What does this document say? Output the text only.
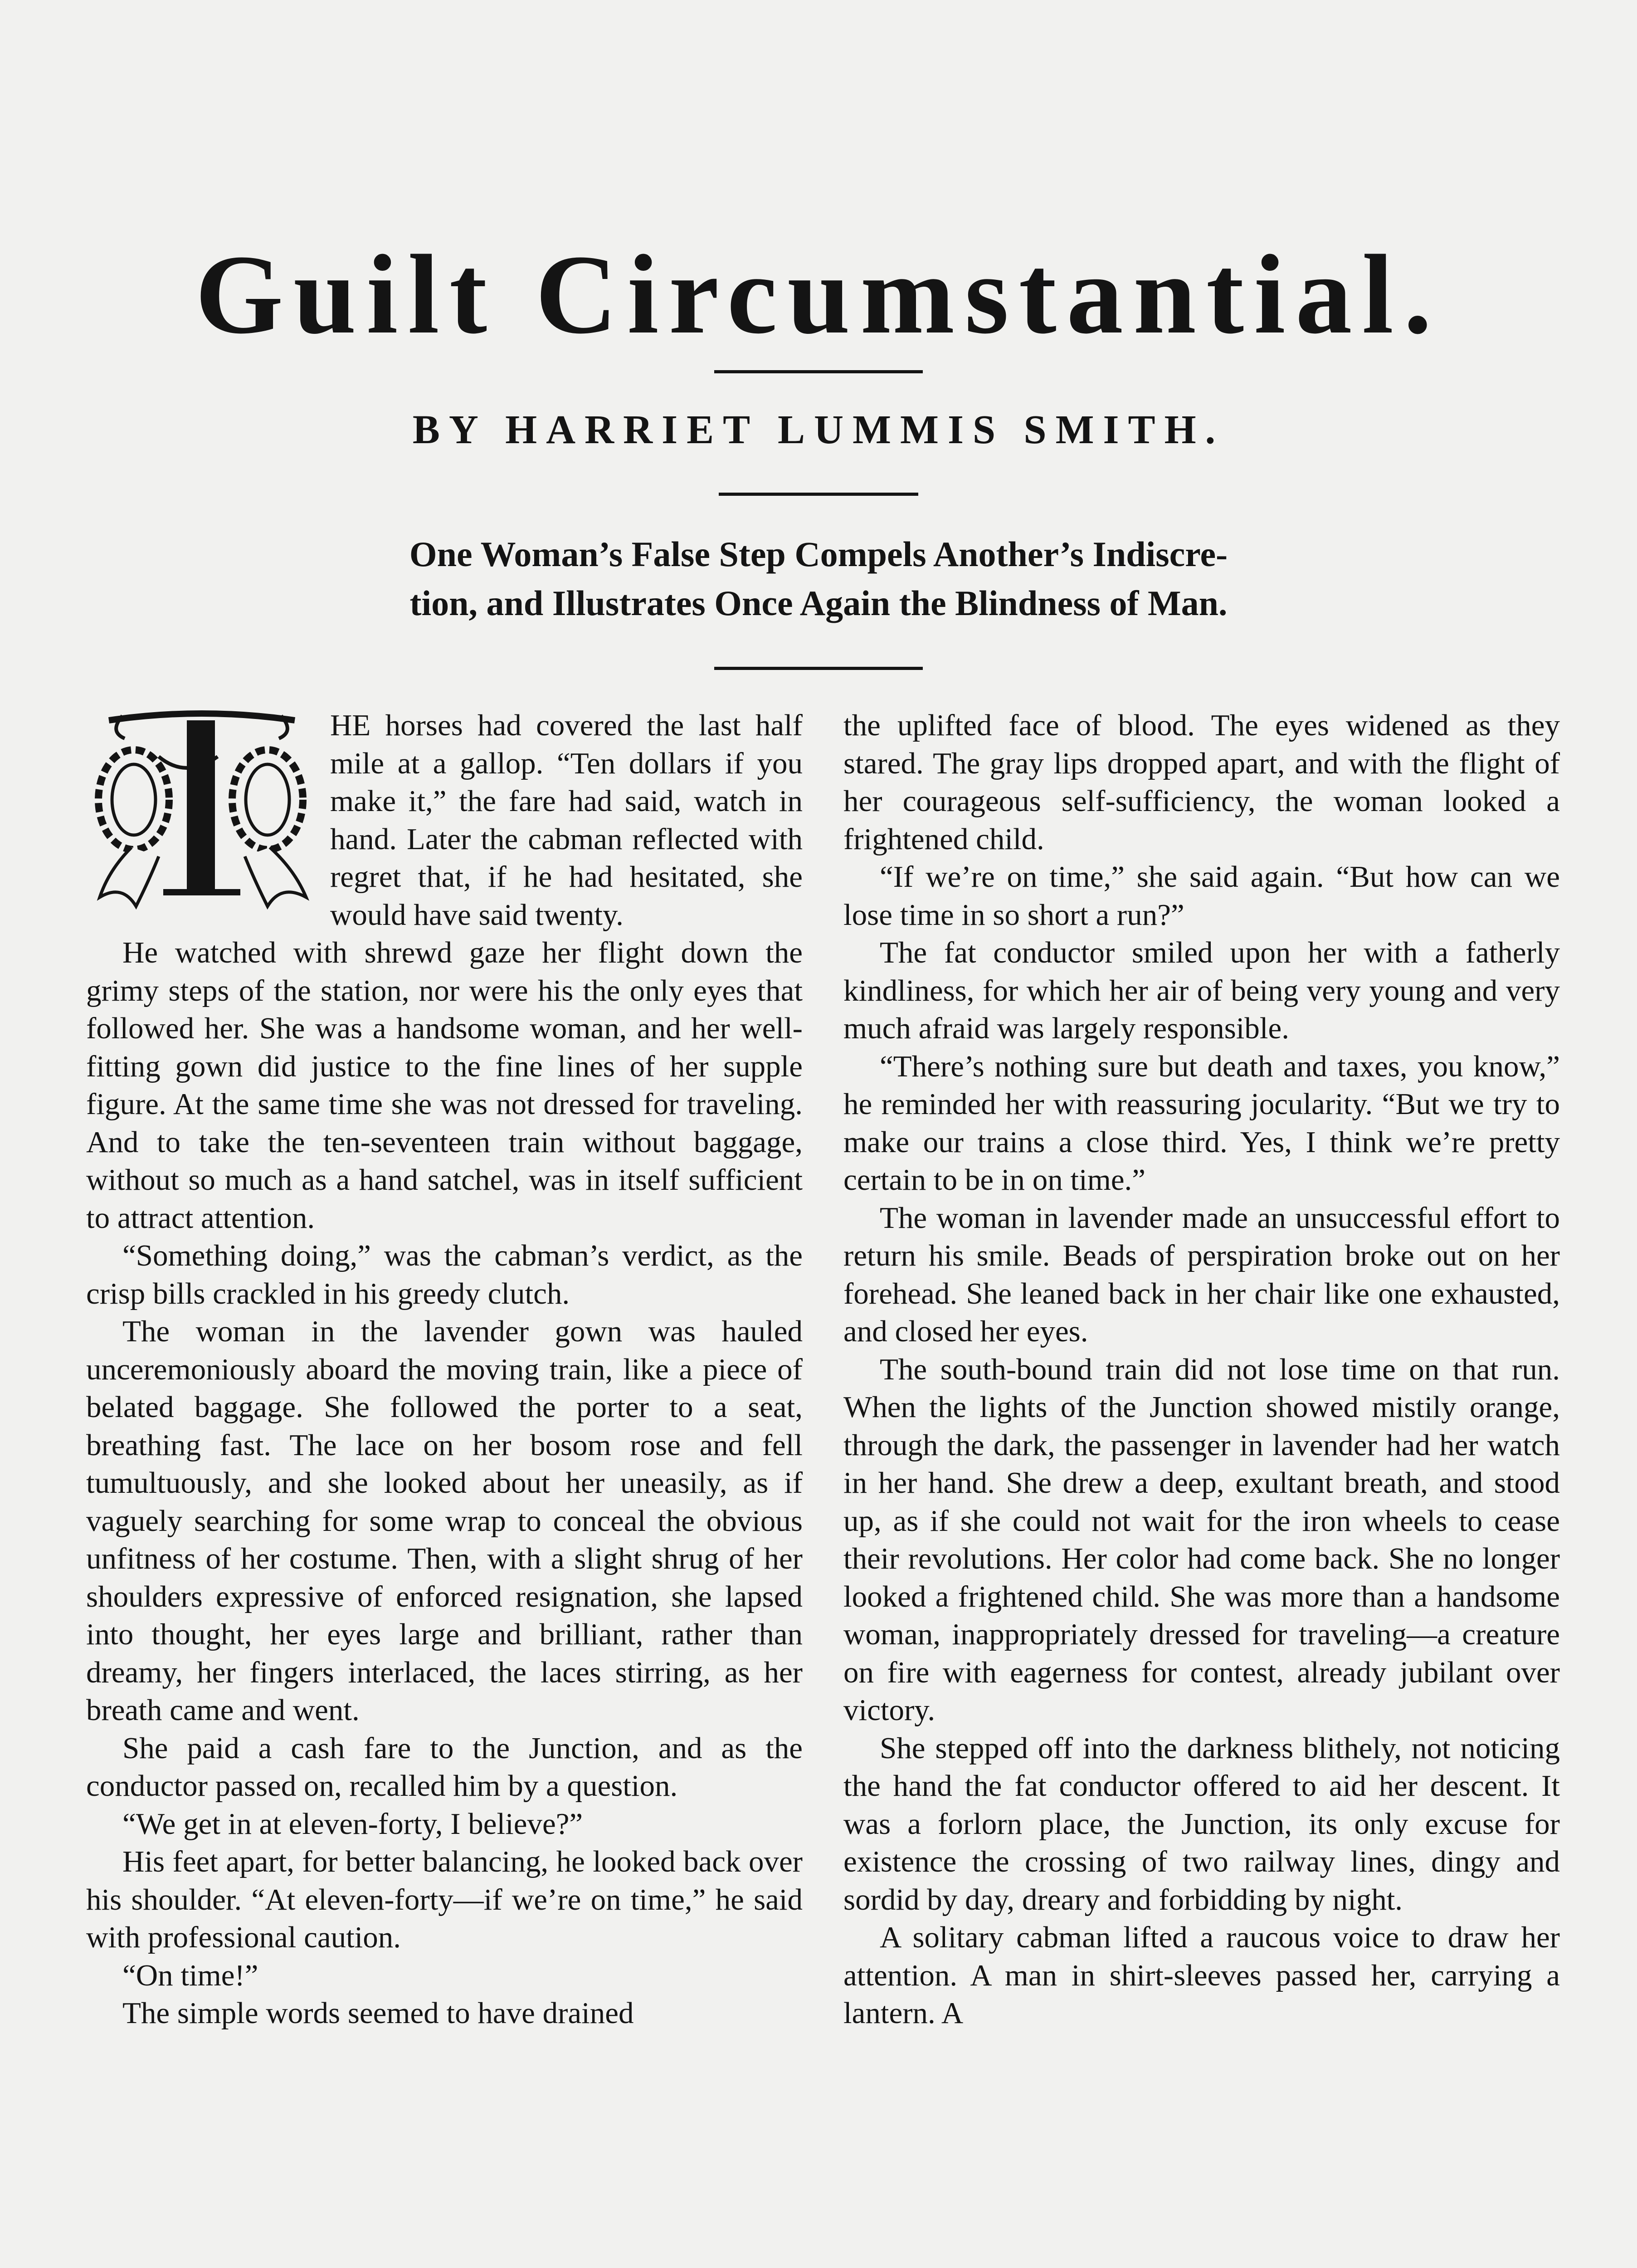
Guilt Circumstantial.
BY HARRIET LUMMIS SMITH.
One Woman’s False Step Compels Another’s Indiscre-
tion, and Illustrates Once Again the Blindness of Man.

HE horses had covered the last half mile at a gallop. “Ten dollars if you make it,” the fare had said, watch in hand. Later the cabman reflected with regret that, if he had hesitated, she would have said twenty.

He watched with shrewd gaze her flight down the grimy steps of the station, nor were his the only eyes that followed her. She was a handsome woman, and her well-fitting gown did justice to the fine lines of her supple figure. At the same time she was not dressed for traveling. And to take the ten-seventeen train without baggage, without so much as a hand satchel, was in itself sufficient to attract attention.

“Something doing,” was the cabman’s verdict, as the crisp bills crackled in his greedy clutch.

The woman in the lavender gown was hauled unceremoniously aboard the moving train, like a piece of belated baggage. She followed the porter to a seat, breathing fast. The lace on her bosom rose and fell tumultuously, and she looked about her uneasily, as if vaguely searching for some wrap to conceal the obvious unfitness of her costume. Then, with a slight shrug of her shoulders expressive of enforced resignation, she lapsed into thought, her eyes large and brilliant, rather than dreamy, her fingers interlaced, the laces stirring, as her breath came and went.

She paid a cash fare to the Junction, and as the conductor passed on, recalled him by a question.

“We get in at eleven-forty, I believe?”

His feet apart, for better balancing, he looked back over his shoulder. “At eleven-forty—if we’re on time,” he said with professional caution.

“On time!”

The simple words seemed to have drained

the uplifted face of blood. The eyes widened as they stared. The gray lips dropped apart, and with the flight of her courageous self-sufficiency, the woman looked a frightened child.

“If we’re on time,” she said again. “But how can we lose time in so short a run?”

The fat conductor smiled upon her with a fatherly kindliness, for which her air of being very young and very much afraid was largely responsible.

“There’s nothing sure but death and taxes, you know,” he reminded her with reassuring jocularity. “But we try to make our trains a close third. Yes, I think we’re pretty certain to be in on time.”

The woman in lavender made an unsuccessful effort to return his smile. Beads of perspiration broke out on her forehead. She leaned back in her chair like one exhausted, and closed her eyes.

The south-bound train did not lose time on that run. When the lights of the Junction showed mistily orange, through the dark, the passenger in lavender had her watch in her hand. She drew a deep, exultant breath, and stood up, as if she could not wait for the iron wheels to cease their revolutions. Her color had come back. She no longer looked a frightened child. She was more than a handsome woman, inappropriately dressed for traveling—a creature on fire with eagerness for contest, already jubilant over victory.

She stepped off into the darkness blithely, not noticing the hand the fat conductor offered to aid her descent. It was a forlorn place, the Junction, its only excuse for existence the crossing of two railway lines, dingy and sordid by day, dreary and forbidding by night.

A solitary cabman lifted a raucous voice to draw her attention. A man in shirt-sleeves passed her, carrying a lantern. A
